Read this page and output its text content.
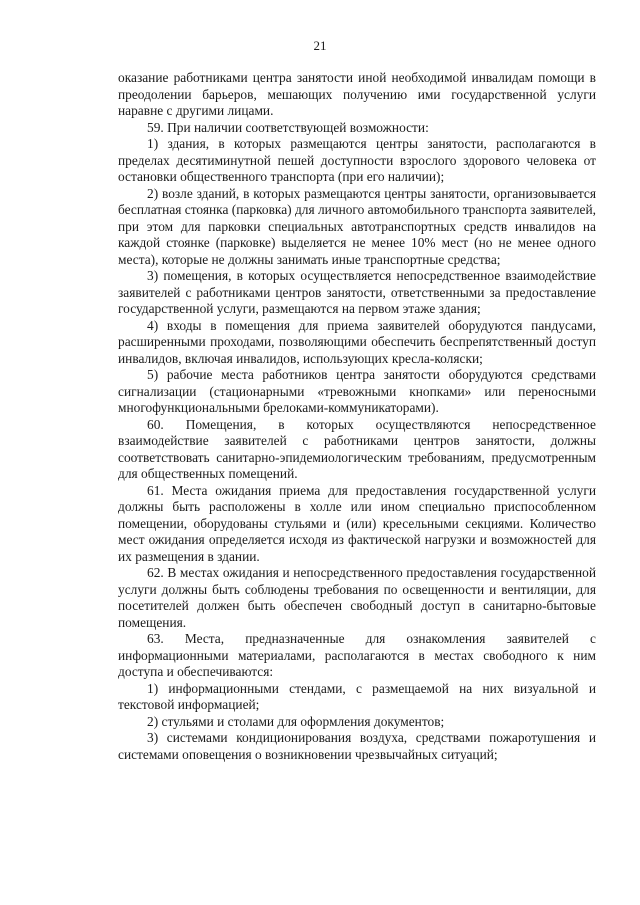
21

оказание работниками центра занятости иной необходимой инвалидам помощи в преодолении барьеров, мешающих получению ими государственной услуги наравне с другими лицами.

59. При наличии соответствующей возможности:

1) здания, в которых размещаются центры занятости, располагаются в пределах десятиминутной пешей доступности взрослого здорового человека от остановки общественного транспорта (при его наличии);

2) возле зданий, в которых размещаются центры занятости, организовывается бесплатная стоянка (парковка) для личного автомобильного транспорта заявителей, при этом для парковки специальных автотранспортных средств инвалидов на каждой стоянке (парковке) выделяется не менее 10% мест (но не менее одного места), которые не должны занимать иные транспортные средства;

3) помещения, в которых осуществляется непосредственное взаимодействие заявителей с работниками центров занятости, ответственными за предоставление государственной услуги, размещаются на первом этаже здания;

4) входы в помещения для приема заявителей оборудуются пандусами, расширенными проходами, позволяющими обеспечить беспрепятственный доступ инвалидов, включая инвалидов, использующих кресла-коляски;

5) рабочие места работников центра занятости оборудуются средствами сигнализации (стационарными «тревожными кнопками» или переносными многофункциональными брелоками-коммуникаторами).

60. Помещения, в которых осуществляются непосредственное взаимодействие заявителей с работниками центров занятости, должны соответствовать санитарно-эпидемиологическим требованиям, предусмотренным для общественных помещений.

61. Места ожидания приема для предоставления государственной услуги должны быть расположены в холле или ином специально приспособленном помещении, оборудованы стульями и (или) кресельными секциями. Количество мест ожидания определяется исходя из фактической нагрузки и возможностей для их размещения в здании.

62. В местах ожидания и непосредственного предоставления государственной услуги должны быть соблюдены требования по освещенности и вентиляции, для посетителей должен быть обеспечен свободный доступ в санитарно-бытовые помещения.

63. Места, предназначенные для ознакомления заявителей с информационными материалами, располагаются в местах свободного к ним доступа и обеспечиваются:

1) информационными стендами, с размещаемой на них визуальной и текстовой информацией;

2) стульями и столами для оформления документов;

3) системами кондиционирования воздуха, средствами пожаротушения и системами оповещения о возникновении чрезвычайных ситуаций;
